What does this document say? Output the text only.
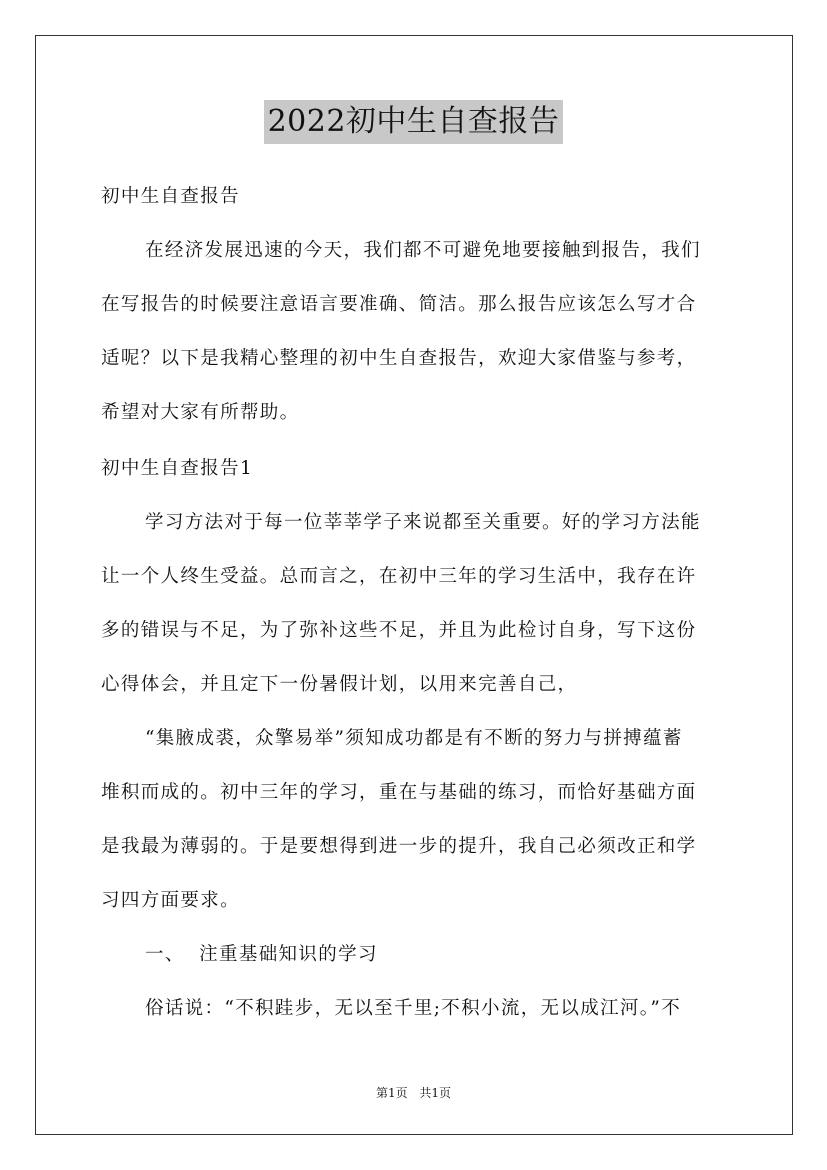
2022初中生自查报告
初中生自查报告
在经济发展迅速的今天，我们都不可避免地要接触到报告，我们
在写报告的时候要注意语言要准确、简洁。那么报告应该怎么写才合
适呢？以下是我精心整理的初中生自查报告，欢迎大家借鉴与参考，
希望对大家有所帮助。
初中生自查报告1
学习方法对于每一位莘莘学子来说都至关重要。好的学习方法能
让一个人终生受益。总而言之，在初中三年的学习生活中，我存在许
多的错误与不足，为了弥补这些不足，并且为此检讨自身，写下这份
心得体会，并且定下一份暑假计划，以用来完善自己，
“集腋成裘，众擎易举”须知成功都是有不断的努力与拼搏蕴蓄
堆积而成的。初中三年的学习，重在与基础的练习，而恰好基础方面
是我最为薄弱的。于是要想得到进一步的提升，我自己必须改正和学
习四方面要求。
一、  注重基础知识的学习
俗话说：“不积跬步，无以至千里;不积小流，无以成江河。”不
第1页 共1页
